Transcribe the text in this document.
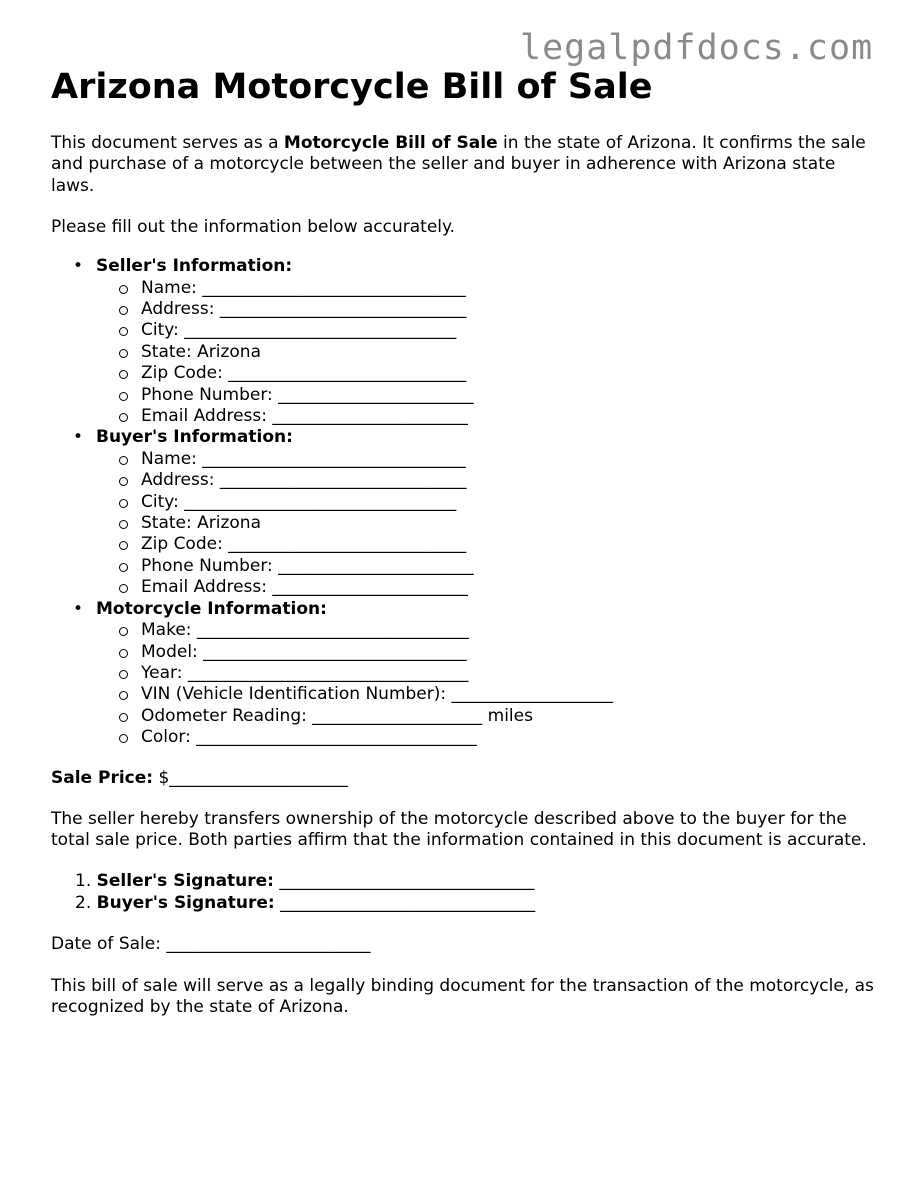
legalpdfdocs.com
Arizona Motorcycle Bill of Sale

This document serves as a Motorcycle Bill of Sale in the state of Arizona. It confirms the sale and purchase of a motorcycle between the seller and buyer in adherence with Arizona state laws.

Please fill out the information below accurately.

• Seller's Information:
Name: _______________________________
Address: _____________________________
City: ________________________________
State: Arizona
Zip Code: ____________________________
Phone Number: _______________________
Email Address: _______________________
• Buyer's Information:
Name: _______________________________
Address: _____________________________
City: ________________________________
State: Arizona
Zip Code: ____________________________
Phone Number: _______________________
Email Address: _______________________
• Motorcycle Information:
Make: ________________________________
Model: _______________________________
Year: _________________________________
VIN (Vehicle Identification Number): ___________________
Odometer Reading: ____________________ miles
Color: _________________________________

Sale Price: $_____________________

The seller hereby transfers ownership of the motorcycle described above to the buyer for the total sale price. Both parties affirm that the information contained in this document is accurate.

1. Seller's Signature: ______________________________
2. Buyer's Signature: ______________________________

Date of Sale: ________________________

This bill of sale will serve as a legally binding document for the transaction of the motorcycle, as recognized by the state of Arizona.
